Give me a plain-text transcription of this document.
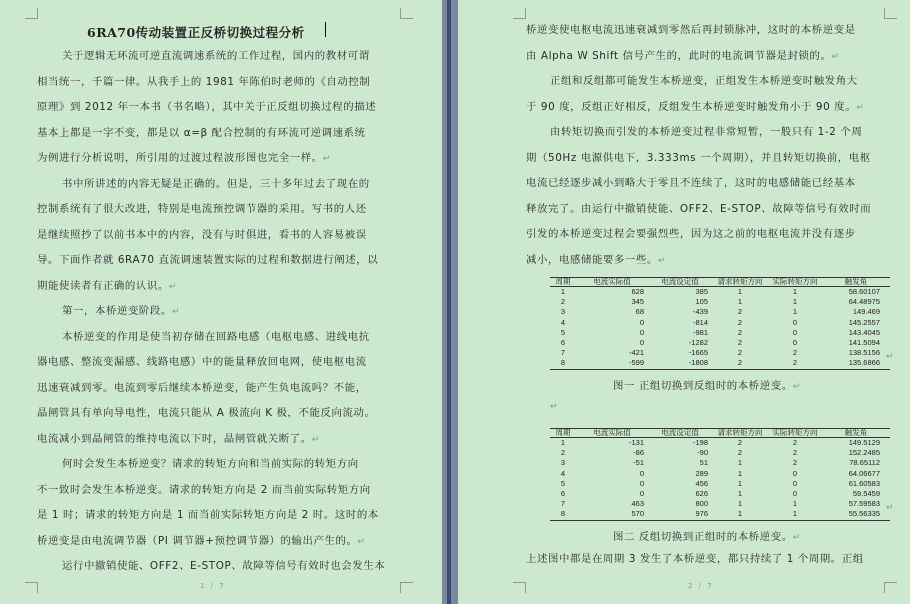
6RA70传动装置正反桥切换过程分析
关于逻辑无环流可逆直流调速系统的工作过程，国内的教材可谓
相当统一，千篇一律。从我手上的 1981 年陈伯时老师的《自动控制
原理》到 2012 年一本书（书名略），其中关于正反组切换过程的描述
基本上都是一字不变，都是以 α=β 配合控制的有环流可逆调速系统
为例进行分析说明，所引用的过渡过程波形图也完全一样。↵
书中所讲述的内容无疑是正确的。但是，三十多年过去了现在的
控制系统有了很大改进，特别是电流预控调节器的采用。写书的人还
是继续照抄了以前书本中的内容，没有与时俱进，看书的人容易被误
导。下面作者就 6RA70 直流调速装置实际的过程和数据进行阐述，以
期能使读者有正确的认识。↵
第一，本桥逆变阶段。↵
本桥逆变的作用是使当初存储在回路电感（电枢电感、进线电抗
器电感、整流变漏感、线路电感）中的能量释放回电网，使电枢电流
迅速衰减到零。电流到零后继续本桥逆变，能产生负电流吗？不能，
晶闸管具有单向导电性，电流只能从 A 极流向 K 极，不能反向流动。
电流减小到晶闸管的维持电流以下时，晶闸管就关断了。↵
何时会发生本桥逆变？请求的转矩方向和当前实际的转矩方向
不一致时会发生本桥逆变。请求的转矩方向是 2 而当前实际转矩方向
是 1 时；请求的转矩方向是 1 而当前实际转矩方向是 2 时。这时的本
桥逆变是由电流调节器（PI 调节器+预控调节器）的输出产生的。↵
运行中撤销使能、OFF2、E-STOP、故障等信号有效时也会发生本
1 / 7
桥逆变使电枢电流迅速衰减到零然后再封锁脉冲，这时的本桥逆变是
由 Alpha W Shift 信号产生的，此时的电流调节器是封锁的。↵
正组和反组都可能发生本桥逆变，正组发生本桥逆变时触发角大
于 90 度，反组正好相反，反组发生本桥逆变时触发角小于 90 度。↵
由转矩切换而引发的本桥逆变过程非常短暂，一般只有 1-2 个周
期（50Hz 电源供电下，3.333ms 一个周期），并且转矩切换前，电枢
电流已经逐步减小到略大于零且不连续了，这时的电感储能已经基本
释放完了。由运行中撤销使能、OFF2、E-STOP、故障等信号有效时而
引发的本桥逆变过程会要强烈些，因为这之前的电枢电流并没有逐步
减小，电感储能要多一些。↵
周期	电流实际值	电流设定值	请求转矩方向	实际转矩方向	触发角
1	628	385	1	1	58.60107
2	345	105	1	1	64.48975
3	68	-439	2	1	149.469
4	0	-814	2	0	145.2557
5	0	-981	2	0	143.4045
6	0	-1282	2	0	141.5094
7	-421	-1665	2	2	138.5156
8	-599	-1808	2	2	135.6866
↵
图一 正组切换到反组时的本桥逆变。↵
↵
周期	电流实际值	电流设定值	请求转矩方向	实际转矩方向	触发角
1	-131	-198	2	2	149.5129
2	-86	-90	2	2	152.2485
3	-51	51	1	2	78.65112
4	0	289	1	0	64.06677
5	0	456	1	0	61.60583
6	0	626	1	0	59.5459
7	463	800	1	1	57.59583
8	570	976	1	1	55.56335
↵
图二 反组切换到正组时的本桥逆变。↵
上述图中都是在周期 3 发生了本桥逆变，都只持续了 1 个周期。正组
2 / 7
